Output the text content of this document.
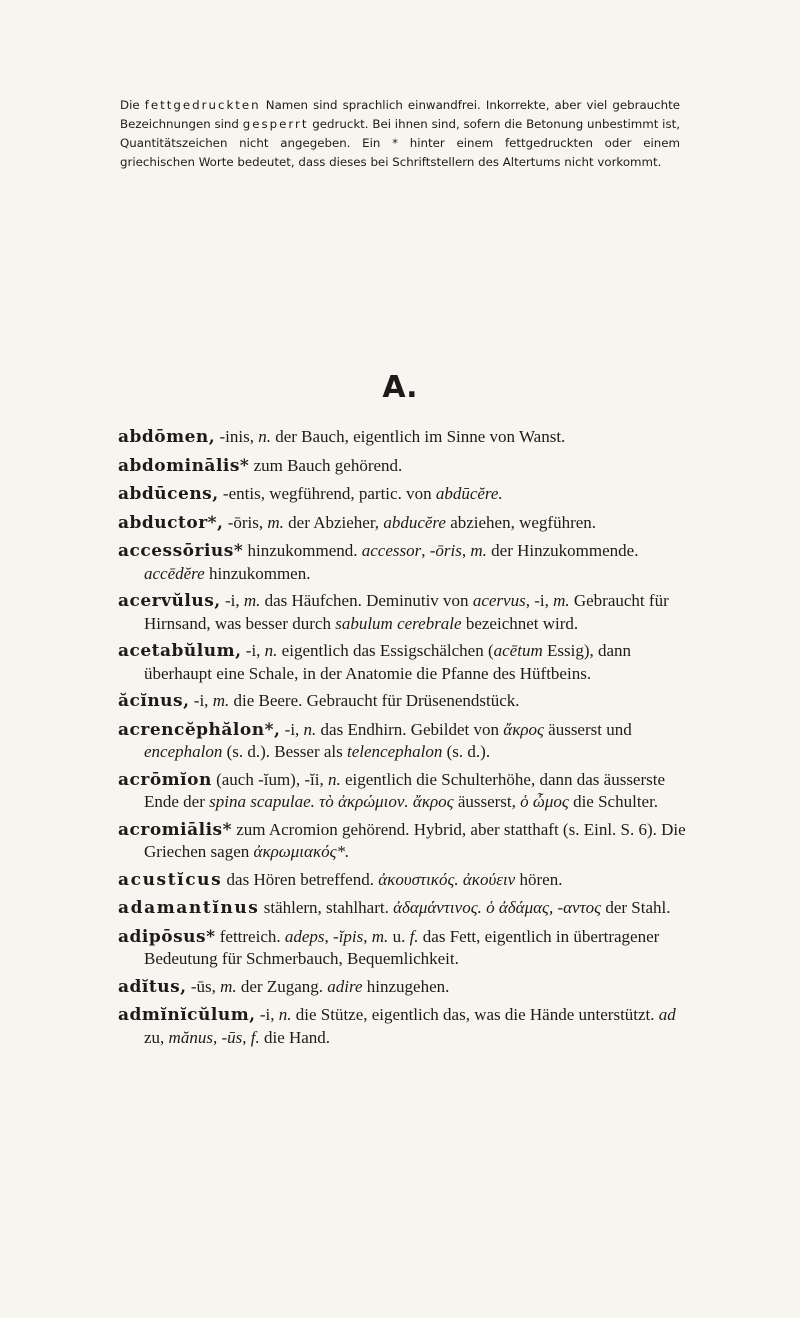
Die fettgedruckten Namen sind sprachlich einwandfrei. Inkorrekte, aber viel gebrauchte Bezeichnungen sind gesperrt gedruckt. Bei ihnen sind, sofern die Betonung unbestimmt ist, Quantitätszeichen nicht angegeben. Ein * hinter einem fettgedruckten oder einem griechischen Worte bedeutet, dass dieses bei Schriftstellern des Altertums nicht vorkommt.
A.
abdōmen, -inis, n. der Bauch, eigentlich im Sinne von Wanst.
abdominālis* zum Bauch gehörend.
abdūcens, -entis, wegführend, partic. von abdūcĕre.
abductor*, -ōris, m. der Abzieher, abducĕre abziehen, wegführen.
accessōrius* hinzukommend. accessor, -ōris, m. der Hinzukommende. accēdĕre hinzukommen.
acervŭlus, -i, m. das Häufchen. Deminutiv von acervus, -i, m. Gebraucht für Hirnsand, was besser durch sabulum cerebrale bezeichnet wird.
acetabŭlum, -i, n. eigentlich das Essigschälchen (acētum Essig), dann überhaupt eine Schale, in der Anatomie die Pfanne des Hüftbeins.
ăcĭnus, -i, m. die Beere. Gebraucht für Drüsenendstück.
acrencĕphălon*, -i, n. das Endhirn. Gebildet von ἄκρος äusserst und encephalon (s. d.). Besser als telencephalon (s. d.).
acrōmĭon (auch -ĭum), -ĭi, n. eigentlich die Schulterhöhe, dann das äusserste Ende der spina scapulae. τὸ ἀκρώμιον. ἄκρος äusserst, ὁ ὦμος die Schulter.
acromiālis* zum Acromion gehörend. Hybrid, aber statthaft (s. Einl. S. 6). Die Griechen sagen ἀκρωμιακός*.
acustĭcus das Hören betreffend. ἀκουστικός. ἀκούειν hören.
adamantĭnus stählern, stahlhart. ἀδαμάντινος. ὁ ἀδάμας, -αντος der Stahl.
adipōsus* fettreich. adeps, -ĭpis, m. u. f. das Fett, eigentlich in übertragener Bedeutung für Schmerbauch, Bequemlichkeit.
adĭtus, -ūs, m. der Zugang. adire hinzugehen.
admĭnĭcŭlum, -i, n. die Stütze, eigentlich das, was die Hände unterstützt. ad zu, mănus, -ūs, f. die Hand.
